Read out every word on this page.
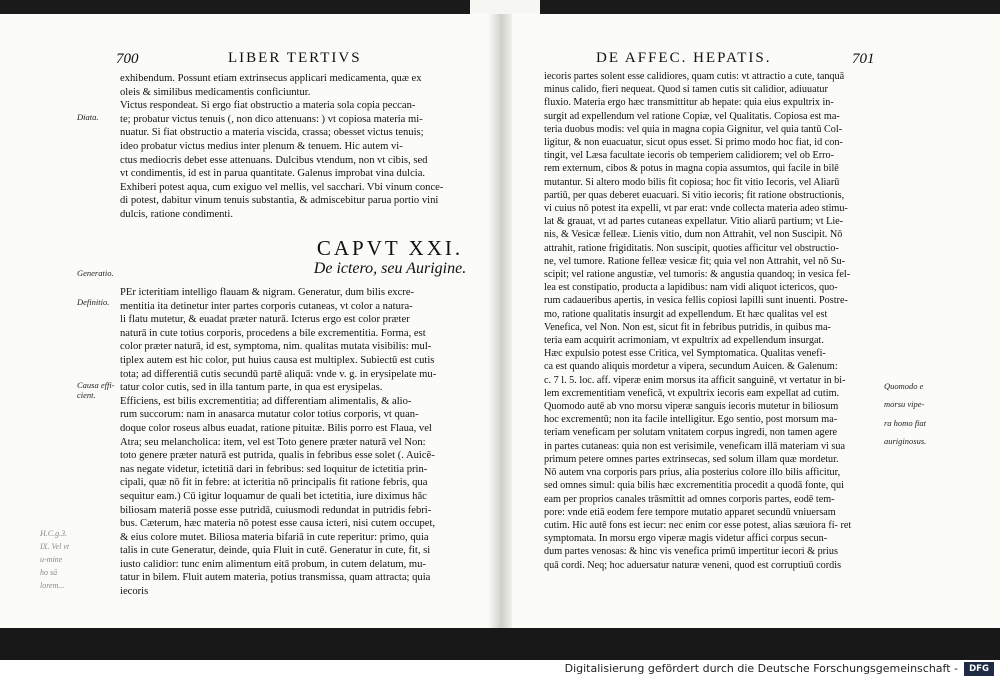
700	LIBER TERTIVS

exhibendum. Possunt etiam extrinsecus applicari medicamenta, quæ ex

oleis & similibus medicamentis conficiuntur.

Victus respondeat. Si ergo fiat obstructio a materia sola copia peccan-

te; probatur victus tenuis (, non dico attenuans: ) vt copiosa materia mi-

nuatur. Si fiat obstructio a materia viscida, crassa; obesset victus tenuis;

ideo probatur victus medius inter plenum & tenuem. Hic autem vi-

ctus mediocris debet esse attenuans. Dulcibus vtendum, non vt cibis, sed

vt condimentis, id est in parua quantitate. Galenus improbat vina dulcia.

Exhiberi potest aqua, cum exiguo vel mellis, vel sacchari. Vbi vinum conce-

di potest, dabitur vinum tenuis substantia, & admiscebitur parua portio vini

dulcis, ratione condimenti.

CAPVT XXI.
De ictero, seu Aurigine.

PEr icteritiam intelligo flauam & nigram. Generatur, dum bilis excre-

mentitia ita detinetur inter partes corporis cutaneas, vt color a natura-

li flatu mutetur, & euadat præter naturā. Icterus ergo est color præter

naturā in cute totius corporis, procedens a bile excrementitia. Forma, est

color præter naturā, id est, symptoma, nim. qualitas mutata visibilis: mul-

tiplex autem est hic color, put huius causa est multiplex. Subiectū est cutis

tota; ad differentiā cutis secundū partē aliquā: vnde v. g. in erysipelate mu-

tatur color cutis, sed in illa tantum parte, in qua est erysipelas.

Efficiens, est bilis excrementitia; ad differentiam alimentalis, & alio-

rum succorum: nam in anasarca mutatur color totius corporis, vt quan-

doque color roseus albus euadat, ratione pituitæ. Bilis porro est Flaua, vel

Atra; seu melancholica: item, vel est Toto genere præter naturā vel Non:

toto genere præter naturā est putrida, qualis in febribus esse solet (. Auicē-

nas negate videtur, ictetitiā dari in febribus: sed loquitur de ictetitia prin-

cipali, quæ nō fit in febre: at icteritia nō principalis fit ratione febris, qua

sequitur eam.) Cū igitur loquamur de quali bet ictetitia, iure diximus hāc

biliosam materiā posse esse putridā, cuiusmodi redundat in putridis febri-

bus. Cæterum, hæc materia nō potest esse causa icteri, nisi cutem occupet,

& eius colore mutet. Biliosa materia bifariā in cute reperitur: primo, quia

talis in cute Generatur, deinde, quia Fluit in cutē. Generatur in cute, fit, si

iusto calidior: tunc enim alimentum eitā probum, in cutem delatum, mu-

tatur in bilem. Fluit autem materia, potius transmissa, quam attracta; quia

iecoris

Diata.
Generatio.
Definitio.
Causa effi-
cient.
H.C.g.3.
IX. Vel vt
u-mine
ho sā
lorem...
DE AFFEC. HEPATIS.	701

iecoris partes solent esse calidiores, quam cutis: vt attractio a cute, tanquā

minus calido, fieri nequeat. Quod si tamen cutis sit calidior, adiuuatur

fluxio. Materia ergo hæc transmittitur ab hepate: quia eius expultrix in-

surgit ad expellendum vel ratione Copiæ, vel Qualitatis. Copiosa est ma-

teria duobus modis: vel quia in magna copia Gignitur, vel quia tantū Col-

ligitur, & non euacuatur, sicut opus esset. Si primo modo hoc fiat, id con-

tingit, vel Læsa facultate iecoris ob temperiem calidiorem; vel ob Erro-

rem externum, cibos & potus in magna copia assumtos, qui facile in bilē

mutantur. Si altero modo bilis fit copiosa; hoc fit vitio Iecoris, vel Aliarū

partiū, per quas deberet euacuari. Si vitio iecoris; fit ratione obstructionis,

vi cuius nō potest ita expelli, vt par erat: vnde collecta materia adeo stimu-

lat & grauat, vt ad partes cutaneas expellatur. Vitio aliarū partium; vt Lie-

nis, & Vesicæ felleæ. Lienis vitio, dum non Attrahit, vel non Suscipit. Nō

attrahit, ratione frigiditatis. Non suscipit, quoties afficitur vel obstructio-

ne, vel tumore. Ratione felleæ vesicæ fit; quia vel non Attrahit, vel nō Su-

scipit; vel ratione angustiæ, vel tumoris: & angustia quandoq; in vesica fel-

lea est constipatio, producta a lapidibus: nam vidi aliquot ictericos, quo-

rum cadaueribus apertis, in vesica fellis copiosi lapilli sunt inuenti. Postre-

mo, ratione qualitatis insurgit ad expellendum. Et hæc qualitas vel est

Venefica, vel Non. Non est, sicut fit in febribus putridis, in quibus ma-

teria eam acquirit acrimoniam, vt expultrix ad expellendum insurgat.

Hæc expulsio potest esse Critica, vel Symptomatica. Qualitas venefi-

ca est quando aliquis mordetur a vipera, secundum Auicen. & Galenum:

c. 7 l. 5. loc. aff. viperæ enim morsus ita afficit sanguinē, vt vertatur in bi-

lem excrementitiam veneficā, vt expultrix iecoris eam expellat ad cutim.

Quomodo autē ab vno morsu viperæ sanguis iecoris mutetur in biliosum

hoc excrementū; non ita facile intelligitur. Ego sentio, post morsum ma-

teriam veneficam per solutam vnitatem corpus ingredi, non tamen agere

in partes cutaneas: quia non est verisimile, veneficam illā materiam vi sua

primum petere omnes partes extrinsecas, sed solum illam quæ mordetur.

Nō autem vna corporis pars prius, alia posterius colore illo bilis afficitur,

sed omnes simul: quia bilis hæc excrementitia procedit a quodā fonte, qui

eam per proprios canales trāsmittit ad omnes corporis partes, eodē tem-

pore: vnde etiā eodem fere tempore mutatio apparet secundū vniuersam

cutim. Hic autē fons est iecur: nec enim cor esse potest, alias sæuiora fi- ret

symptomata. In morsu ergo viperæ magis videtur affici corpus secun-

dum partes venosas: & hinc vis venefica primū impertitur iecori & prius

quā cordi. Neq; hoc aduersatur naturæ veneni, quod est corruptiuū cordis

Quomodo e

morsu vipe-

ra homo fiat

auriginosus.

Digitalisierung gefördert durch die Deutsche Forschungsgemeinschaft -	DFG
